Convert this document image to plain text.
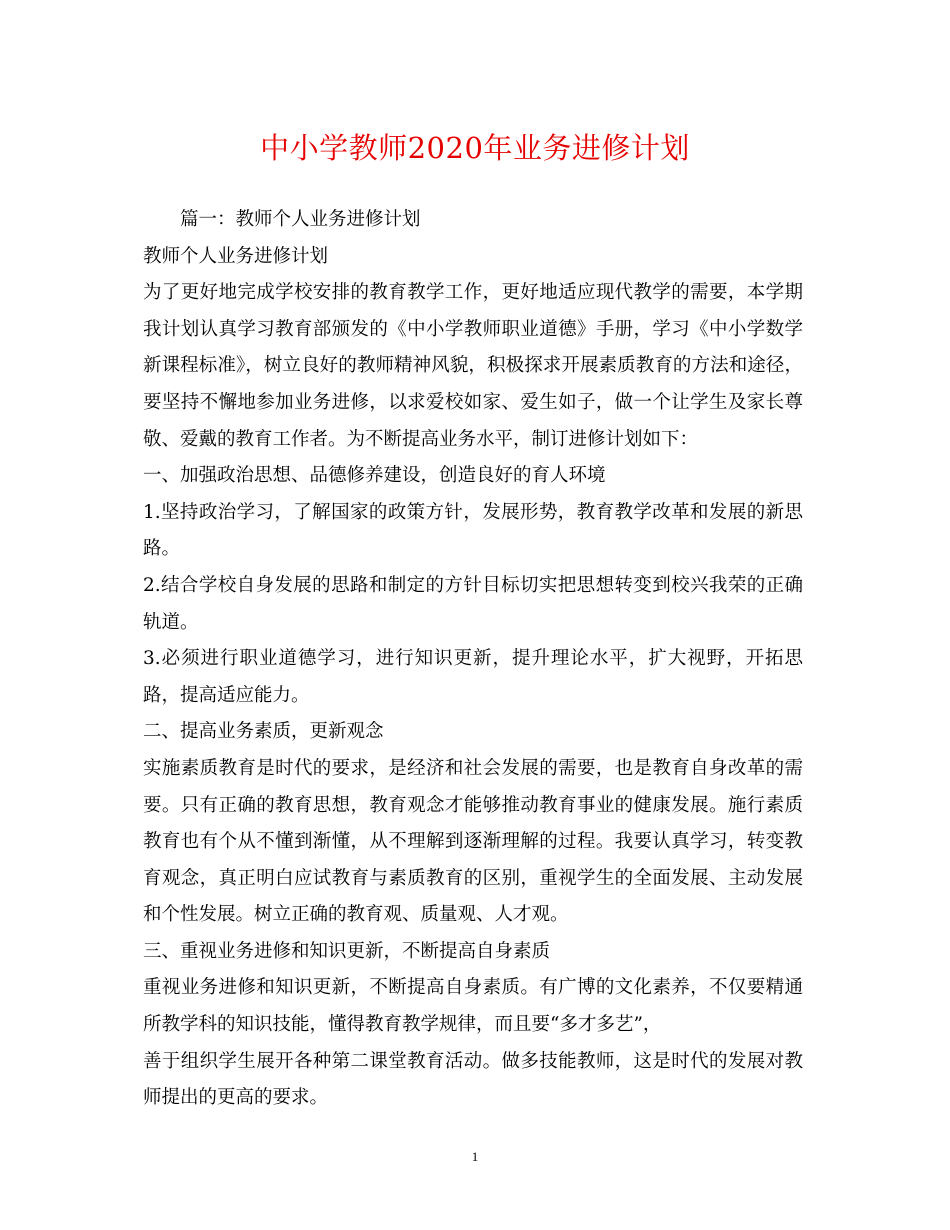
中小学教师2020年业务进修计划

篇一：教师个人业务进修计划

教师个人业务进修计划

为了更好地完成学校安排的教育教学工作，更好地适应现代教学的需要，本学期我计划认真学习教育部颁发的《中小学教师职业道德》手册，学习《中小学数学新课程标准》，树立良好的教师精神风貌，积极探求开展素质教育的方法和途径，要坚持不懈地参加业务进修，以求爱校如家、爱生如子，做一个让学生及家长尊敬、爱戴的教育工作者。为不断提高业务水平，制订进修计划如下：

一、加强政治思想、品德修养建设，创造良好的育人环境

1.坚持政治学习，了解国家的政策方针，发展形势，教育教学改革和发展的新思路。

2.结合学校自身发展的思路和制定的方针目标切实把思想转变到校兴我荣的正确轨道。

3.必须进行职业道德学习，进行知识更新，提升理论水平，扩大视野，开拓思路，提高适应能力。

二、提高业务素质，更新观念

实施素质教育是时代的要求，是经济和社会发展的需要，也是教育自身改革的需要。只有正确的教育思想，教育观念才能够推动教育事业的健康发展。施行素质教育也有个从不懂到渐懂，从不理解到逐渐理解的过程。我要认真学习，转变教育观念，真正明白应试教育与素质教育的区别，重视学生的全面发展、主动发展和个性发展。树立正确的教育观、质量观、人才观。

三、重视业务进修和知识更新，不断提高自身素质

重视业务进修和知识更新，不断提高自身素质。有广博的文化素养，不仅要精通所教学科的知识技能，懂得教育教学规律，而且要“多才多艺”，

善于组织学生展开各种第二课堂教育活动。做多技能教师，这是时代的发展对教师提出的更高的要求。

1
